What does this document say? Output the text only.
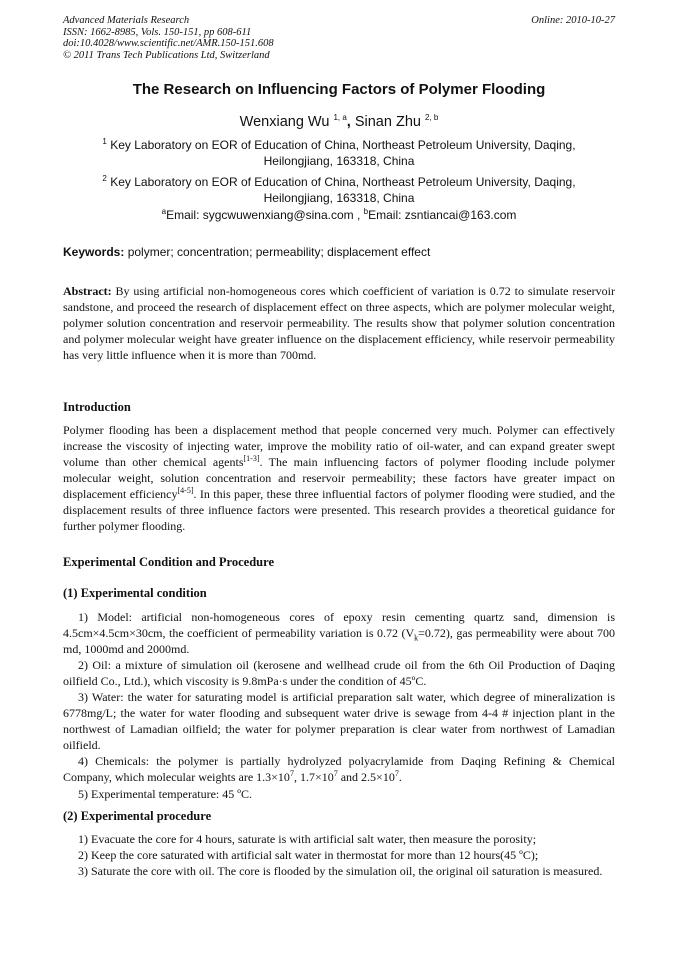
Advanced Materials Research
ISSN: 1662-8985, Vols. 150-151, pp 608-611
doi:10.4028/www.scientific.net/AMR.150-151.608
© 2011 Trans Tech Publications Ltd, Switzerland
Online: 2010-10-27
The Research on Influencing Factors of Polymer Flooding
Wenxiang Wu $^{1, a}$, Sinan Zhu $^{2, b}$
$^1$ Key Laboratory on EOR of Education of China, Northeast Petroleum University, Daqing,
Heilongjiang, 163318, China
$^2$ Key Laboratory on EOR of Education of China, Northeast Petroleum University, Daqing,
Heilongjiang, 163318, China
$^a$Email: sygcwuwenxiang@sina.com , $^b$Email: zsntiancai@163.com
Keywords: polymer; concentration; permeability; displacement effect
Abstract: By using artificial non-homogeneous cores which coefficient of variation is 0.72 to simulate reservoir sandstone, and proceed the research of displacement effect on three aspects, which are polymer molecular weight, polymer solution concentration and reservoir permeability. The results show that polymer solution concentration and polymer molecular weight have greater influence on the displacement efficiency, while reservoir permeability has very little influence when it is more than 700md.
Introduction
Polymer flooding has been a displacement method that people concerned very much. Polymer can effectively increase the viscosity of injecting water, improve the mobility ratio of oil-water, and can expand greater swept volume than other chemical agents[1-3]. The main influencing factors of polymer flooding include polymer molecular weight, solution concentration and reservoir permeability; these factors have greater impact on displacement efficiency[4-5]. In this paper, these three influential factors of polymer flooding were studied, and the displacement results of three influence factors were presented. This research provides a theoretical guidance for further polymer flooding.
Experimental Condition and Procedure
(1) Experimental condition
1) Model: artificial non-homogeneous cores of epoxy resin cementing quartz sand, dimension is 4.5cm×4.5cm×30cm, the coefficient of permeability variation is 0.72 $(V_k=0.72)$, gas permeability were about 700 md, 1000md and 2000md.
2) Oil: a mixture of simulation oil (kerosene and wellhead crude oil from the 6th Oil Production of Daqing oilfield Co., Ltd.), which viscosity is 9.8mPa·s under the condition of 45ºC.
3) Water: the water for saturating model is artificial preparation salt water, which degree of mineralization is 6778mg/L; the water for water flooding and subsequent water drive is sewage from 4-4 # injection plant in the northwest of Lamadian oilfield; the water for polymer preparation is clear water from northwest of Lamadian oilfield.
4) Chemicals: the polymer is partially hydrolyzed polyacrylamide from Daqing Refining & Chemical Company, which molecular weights are $1.3\times 10^7$, $1.7\times 10^7$ and $2.5\times 10^7$.
5) Experimental temperature: 45 ºC.
(2) Experimental procedure
1) Evacuate the core for 4 hours, saturate is with artificial salt water, then measure the porosity;
2) Keep the core saturated with artificial salt water in thermostat for more than 12 hours(45 ºC);
3) Saturate the core with oil. The core is flooded by the simulation oil, the original oil saturation is measured.
